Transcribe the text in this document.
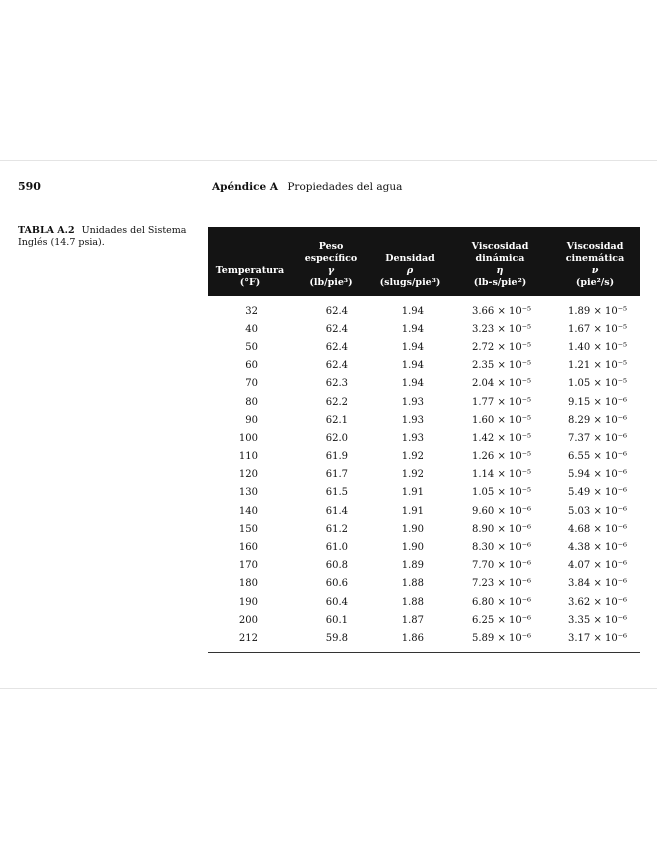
590	Apéndice A Propiedades del agua
TABLA A.2 Unidades del Sistema Inglés (14.7 psia).
Temperatura
(°F)	Peso
específico
γ
(lb/pie³)	Densidad
ρ
(slugs/pie³)	Viscosidad
dinámica
η
(lb-s/pie²)	Viscosidad
cinemática
ν
(pie²/s)

32	62.4	1.94	3.66 × 10⁻⁵	1.89 × 10⁻⁵
40	62.4	1.94	3.23 × 10⁻⁵	1.67 × 10⁻⁵
50	62.4	1.94	2.72 × 10⁻⁵	1.40 × 10⁻⁵
60	62.4	1.94	2.35 × 10⁻⁵	1.21 × 10⁻⁵
70	62.3	1.94	2.04 × 10⁻⁵	1.05 × 10⁻⁵
80	62.2	1.93	1.77 × 10⁻⁵	9.15 × 10⁻⁶
90	62.1	1.93	1.60 × 10⁻⁵	8.29 × 10⁻⁶
100	62.0	1.93	1.42 × 10⁻⁵	7.37 × 10⁻⁶
110	61.9	1.92	1.26 × 10⁻⁵	6.55 × 10⁻⁶
120	61.7	1.92	1.14 × 10⁻⁵	5.94 × 10⁻⁶
130	61.5	1.91	1.05 × 10⁻⁵	5.49 × 10⁻⁶
140	61.4	1.91	9.60 × 10⁻⁶	5.03 × 10⁻⁶
150	61.2	1.90	8.90 × 10⁻⁶	4.68 × 10⁻⁶
160	61.0	1.90	8.30 × 10⁻⁶	4.38 × 10⁻⁶
170	60.8	1.89	7.70 × 10⁻⁶	4.07 × 10⁻⁶
180	60.6	1.88	7.23 × 10⁻⁶	3.84 × 10⁻⁶
190	60.4	1.88	6.80 × 10⁻⁶	3.62 × 10⁻⁶
200	60.1	1.87	6.25 × 10⁻⁶	3.35 × 10⁻⁶
212	59.8	1.86	5.89 × 10⁻⁶	3.17 × 10⁻⁶
